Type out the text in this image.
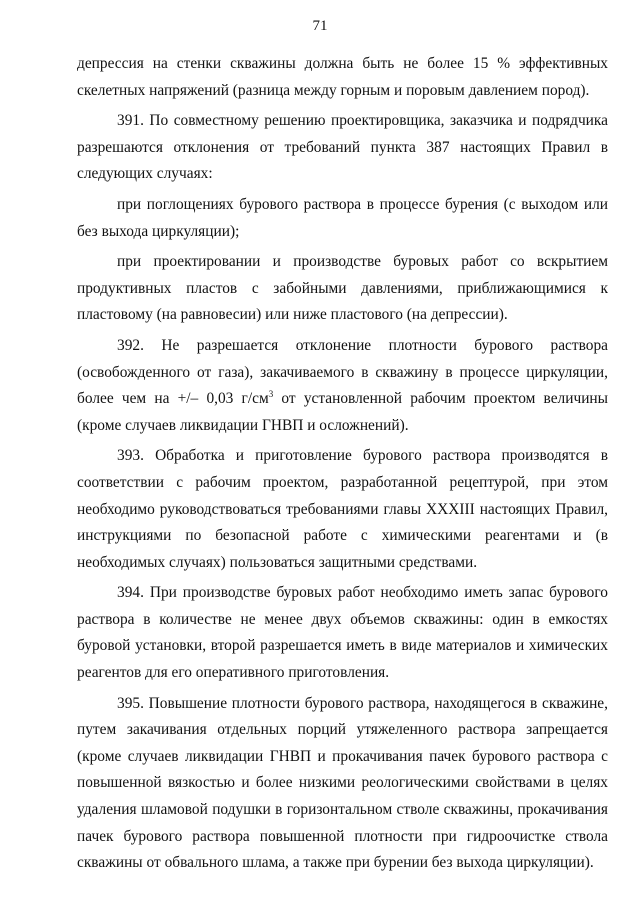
71

депрессия на стенки скважины должна быть не более 15 % эффективных скелетных напряжений (разница между горным и поровым давлением пород).

391. По совместному решению проектировщика, заказчика и подрядчика разрешаются отклонения от требований пункта 387 настоящих Правил в следующих случаях:

при поглощениях бурового раствора в процессе бурения (с выходом или без выхода циркуляции);

при проектировании и производстве буровых работ со вскрытием продуктивных пластов с забойными давлениями, приближающимися к пластовому (на равновесии) или ниже пластового (на депрессии).

392. Не разрешается отклонение плотности бурового раствора (освобожденного от газа), закачиваемого в скважину в процессе циркуляции, более чем на +/– 0,03 $г/см^3$ от установленной рабочим проектом величины (кроме случаев ликвидации ГНВП и осложнений).

393. Обработка и приготовление бурового раствора производятся в соответствии с рабочим проектом, разработанной рецептурой, при этом необходимо руководствоваться требованиями главы XXXIII настоящих Правил, инструкциями по безопасной работе с химическими реагентами и (в необходимых случаях) пользоваться защитными средствами.

394. При производстве буровых работ необходимо иметь запас бурового раствора в количестве не менее двух объемов скважины: один в емкостях буровой установки, второй разрешается иметь в виде материалов и химических реагентов для его оперативного приготовления.

395. Повышение плотности бурового раствора, находящегося в скважине, путем закачивания отдельных порций утяжеленного раствора запрещается (кроме случаев ликвидации ГНВП и прокачивания пачек бурового раствора с повышенной вязкостью и более низкими реологическими свойствами в целях удаления шламовой подушки в горизонтальном стволе скважины, прокачивания пачек бурового раствора повышенной плотности при гидроочистке ствола скважины от обвального шлама, а также при бурении без выхода циркуляции).
